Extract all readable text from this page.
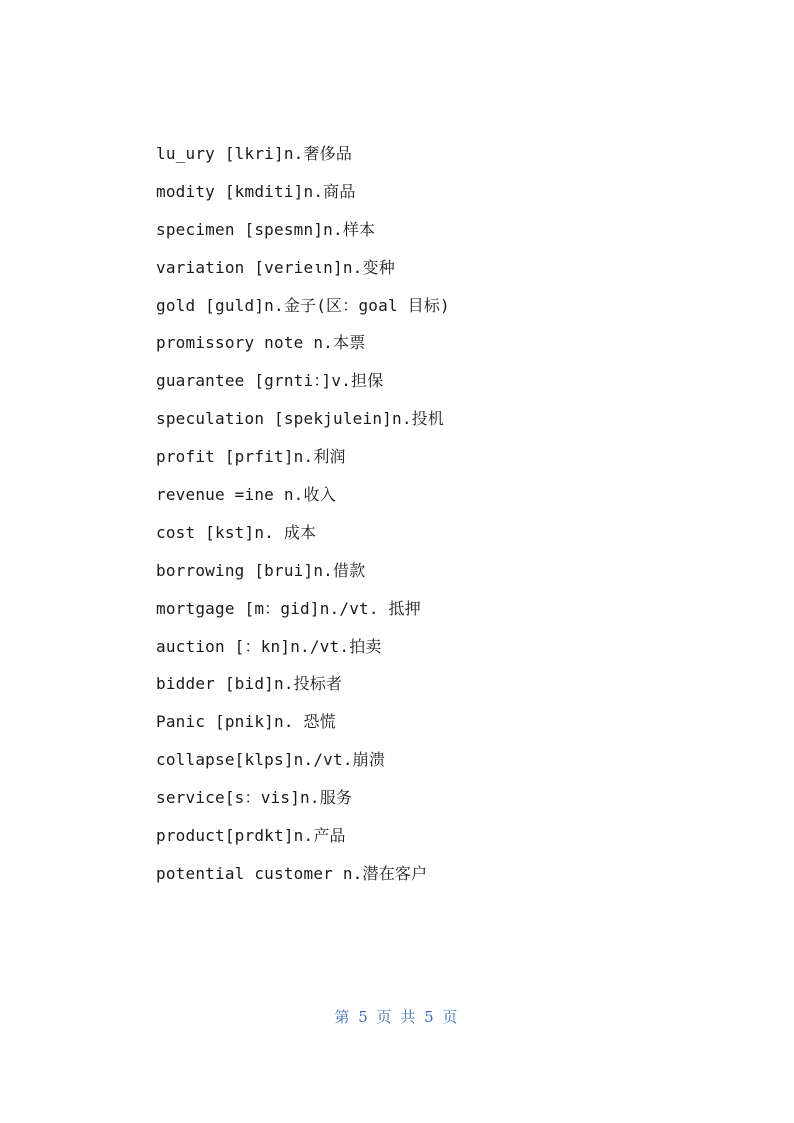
lu_ury [lkri]n.奢侈品
modity [kmditi]n.商品
specimen [spesmn]n.样本
variation [verieιn]n.变种
gold [guld]n.金子(区：goal 目标)
promissory note n.本票
guarantee [grnti：]v.担保
speculation [spekjulein]n.投机
profit [prfit]n.利润
revenue =ine n.收入
cost [kst]n. 成本
borrowing [brui]n.借款
mortgage [m：gid]n./vt. 抵押
auction [：kn]n./vt.拍卖
bidder [bid]n.投标者
Panic [pnik]n. 恐慌
collapse[klps]n./vt.崩溃
service[s：vis]n.服务
product[prdkt]n.产品
potential customer n.潜在客户
第 5 页 共 5 页
